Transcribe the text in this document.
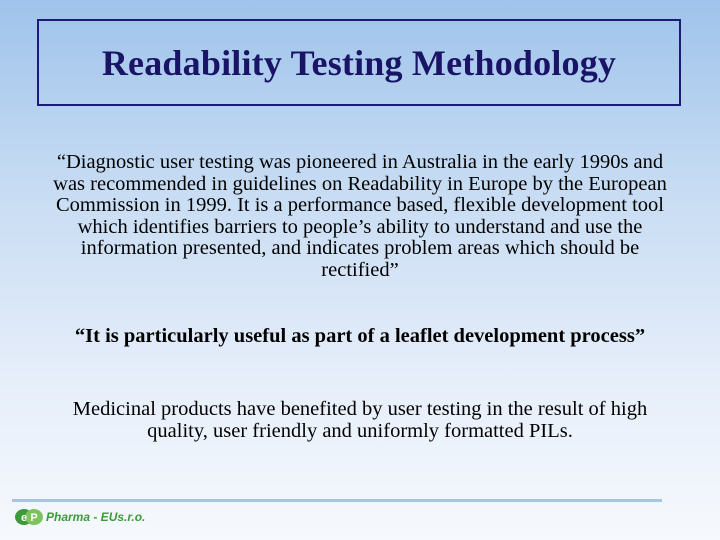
Readability Testing Methodology

“Diagnostic user testing was pioneered in Australia in the early 1990s and was recommended in guidelines on Readability in Europe by the European Commission in 1999. It is a performance based, flexible development tool which identifies barriers to people’s ability to understand and use the information presented, and indicates problem areas which should be rectified”

“It is particularly useful as part of a leaflet development process”

Medicinal products have benefited by user testing in the result of high quality, user friendly and uniformly formatted PILs.

e P Pharma - EUs.r.o.
